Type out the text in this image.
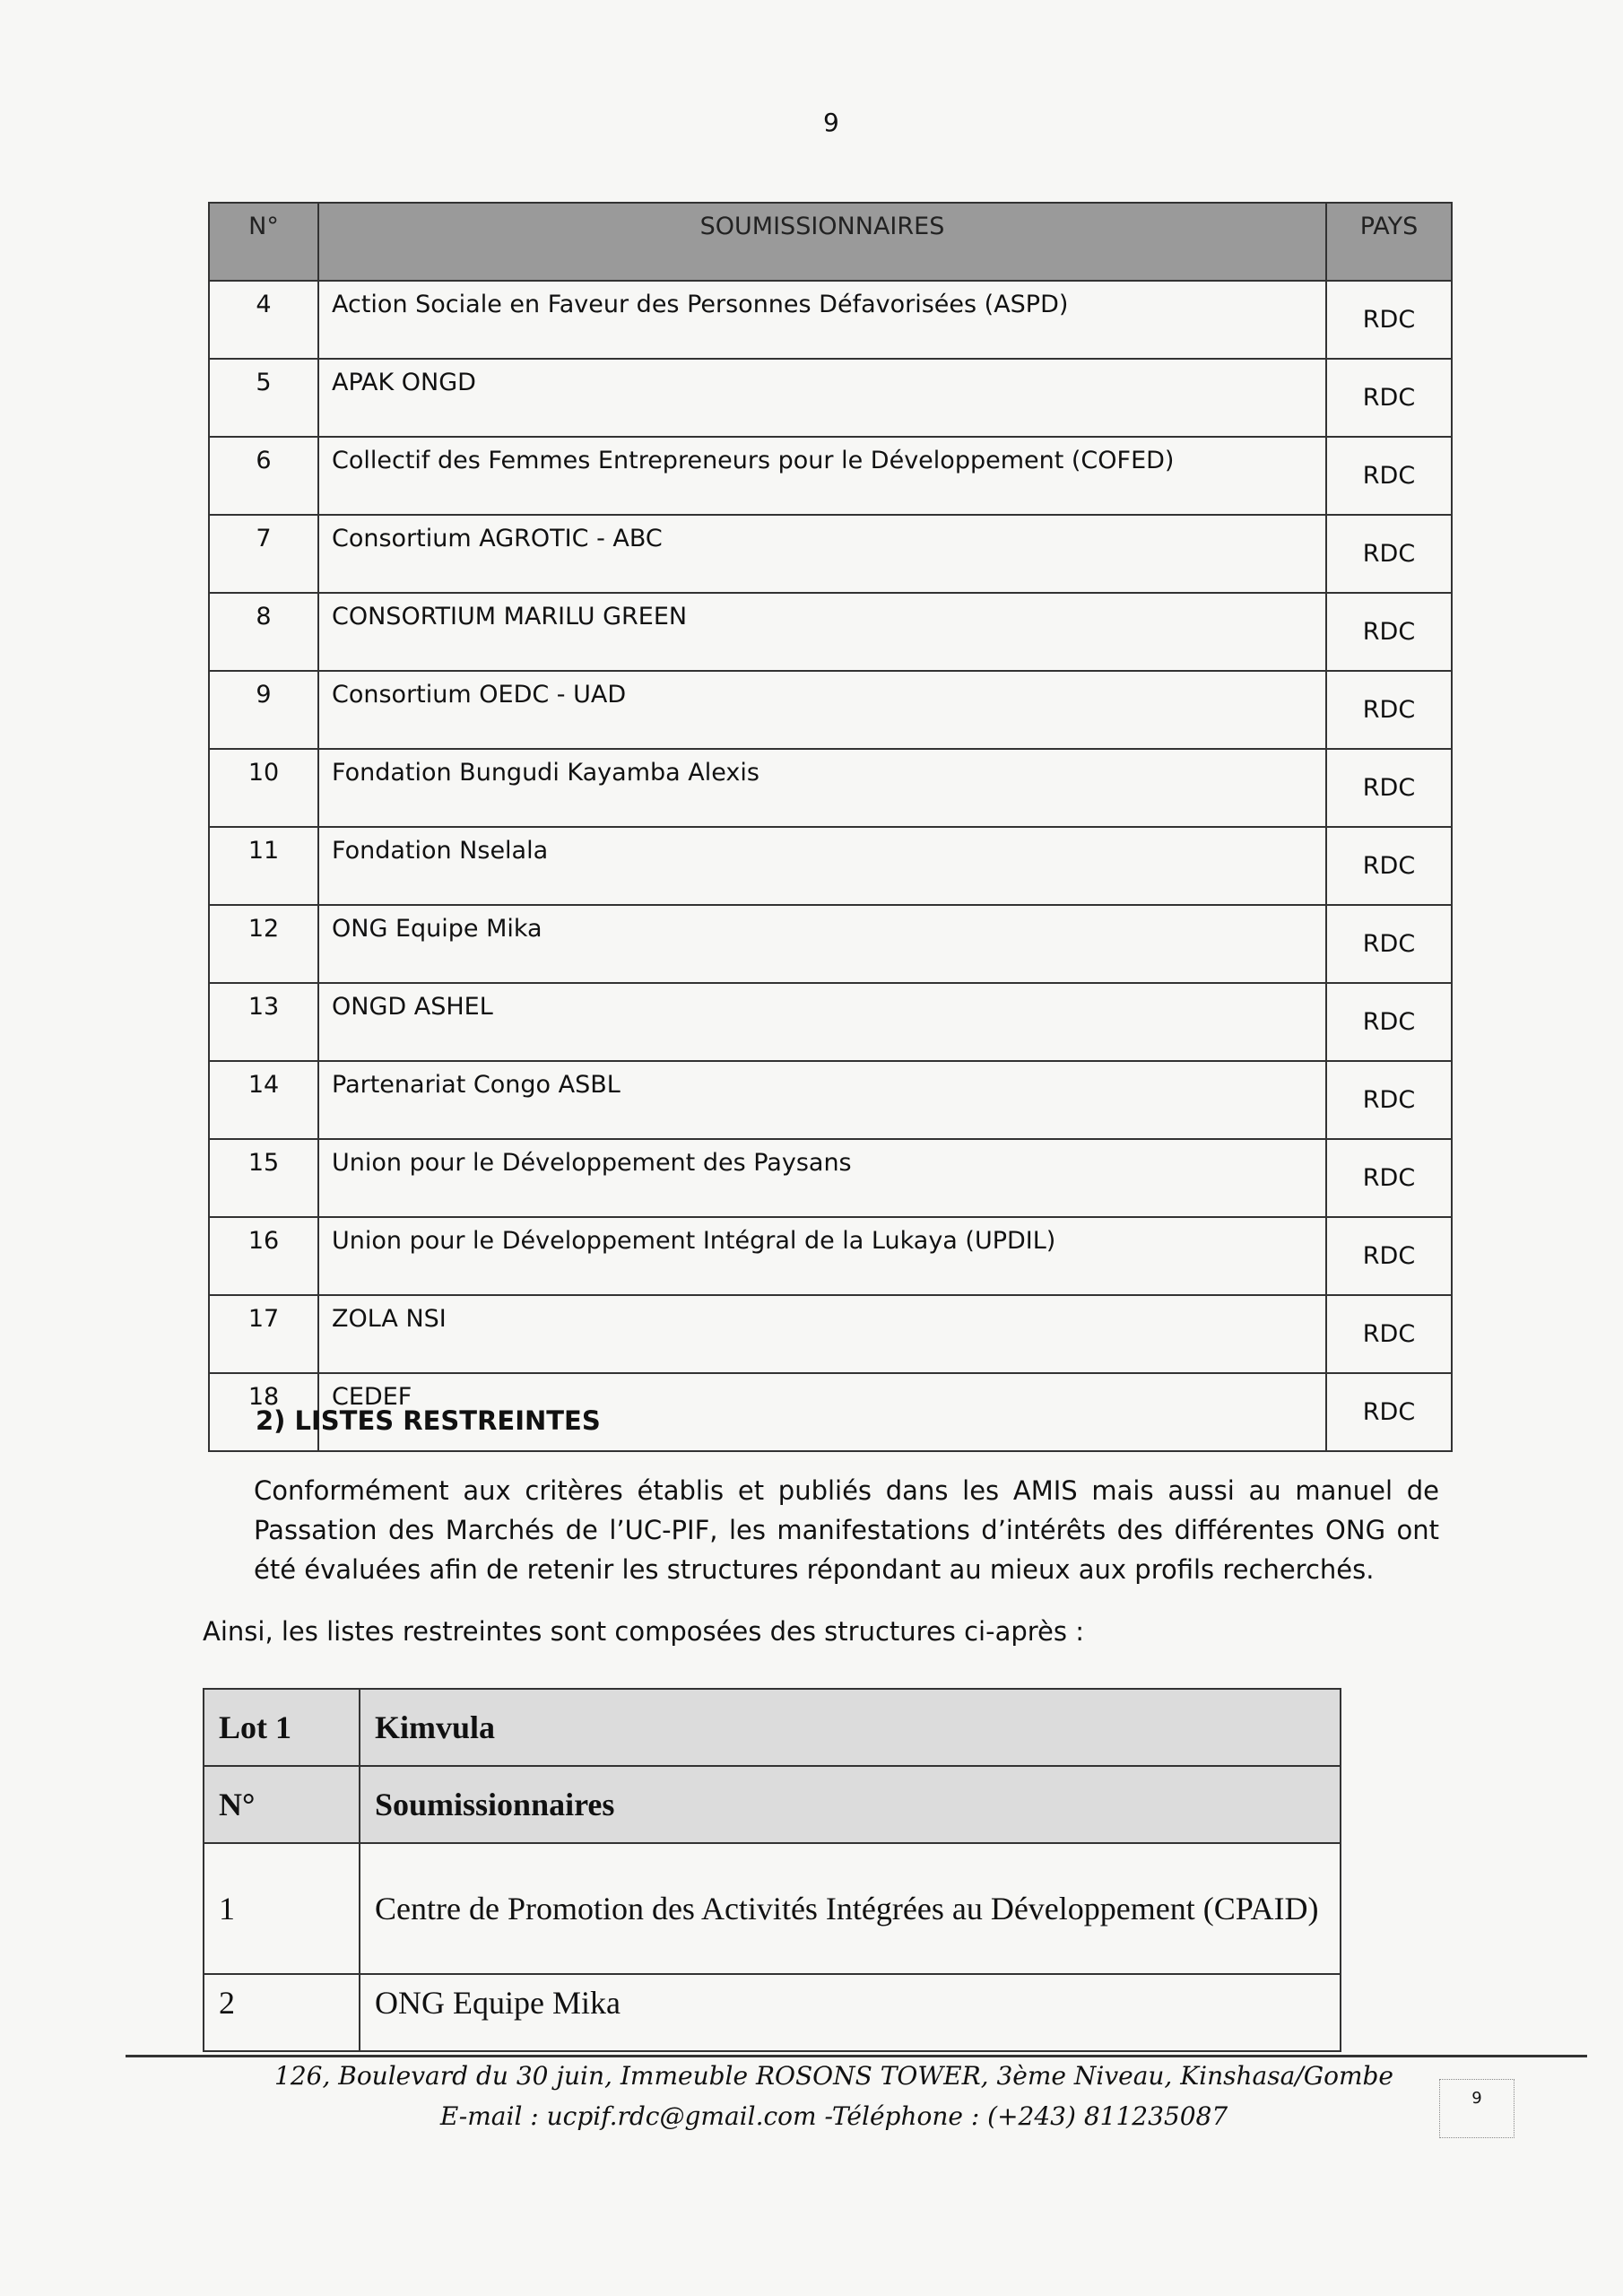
9
N°	SOUMISSIONNAIRES	PAYS
4	Action Sociale en Faveur des Personnes Défavorisées (ASPD)	RDC
5	APAK ONGD	RDC
6	Collectif des Femmes Entrepreneurs pour le Développement (COFED)	RDC
7	Consortium AGROTIC - ABC	RDC
8	CONSORTIUM MARILU GREEN	RDC
9	Consortium OEDC - UAD	RDC
10	Fondation Bungudi Kayamba Alexis	RDC
11	Fondation Nselala	RDC
12	ONG Equipe Mika	RDC
13	ONGD ASHEL	RDC
14	Partenariat Congo ASBL	RDC
15	Union pour le Développement des Paysans	RDC
16	Union pour le Développement Intégral de la Lukaya (UPDIL)	RDC
17	ZOLA NSI	RDC
18	CEDEF	RDC
2) LISTES RESTREINTES
Conformément aux critères établis et publiés dans les AMIS mais aussi au manuel de Passation des Marchés de l’UC-PIF, les manifestations d’intérêts des différentes ONG ont été évaluées afin de retenir les structures répondant au mieux aux profils recherchés.
Ainsi, les listes restreintes sont composées des structures ci-après :
Lot 1	Kimvula
N°	Soumissionnaires
1	Centre de Promotion des Activités Intégrées au Développement (CPAID)
2	ONG Equipe Mika
126, Boulevard du 30 juin, Immeuble ROSONS TOWER, 3ème Niveau, Kinshasa/Gombe
E-mail : ucpif.rdc@gmail.com -Téléphone : (+243) 811235087
9
